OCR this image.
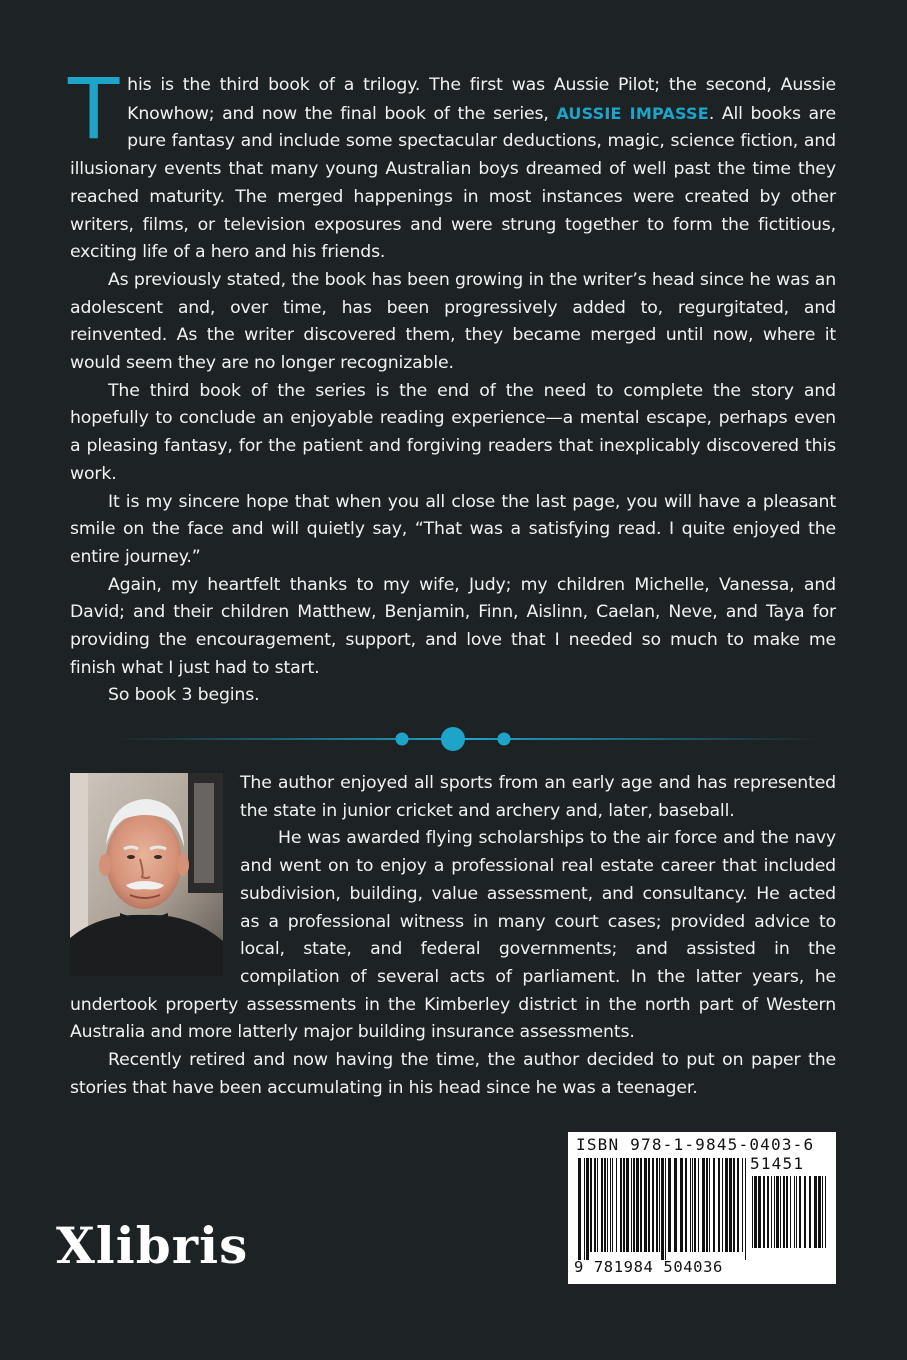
This is the third book of a trilogy. The first was Aussie Pilot; the second, Aussie Knowhow; and now the final book of the series, AUSSIE IMPASSE. All books are pure fantasy and include some spectacular deductions, magic, science fiction, and illusionary events that many young Australian boys dreamed of well past the time they reached maturity. The merged happenings in most instances were created by other writers, films, or television exposures and were strung together to form the fictitious, exciting life of a hero and his friends.

As previously stated, the book has been growing in the writer’s head since he was an adolescent and, over time, has been progressively added to, regurgitated, and reinvented. As the writer discovered them, they became merged until now, where it would seem they are no longer recognizable.

The third book of the series is the end of the need to complete the story and hopefully to conclude an enjoyable reading experience—a mental escape, perhaps even a pleasing fantasy, for the patient and forgiving readers that inexplicably discovered this work.

It is my sincere hope that when you all close the last page, you will have a pleasant smile on the face and will quietly say, “That was a satisfying read. I quite enjoyed the entire journey.”

Again, my heartfelt thanks to my wife, Judy; my children Michelle, Vanessa, and David; and their children Matthew, Benjamin, Finn, Aislinn, Caelan, Neve, and Taya for providing the encouragement, support, and love that I needed so much to make me finish what I just had to start.

So book 3 begins.

The author enjoyed all sports from an early age and has represented the state in junior cricket and archery and, later, baseball.

He was awarded flying scholarships to the air force and the navy and went on to enjoy a professional real estate career that included subdivision, building, value assessment, and consultancy. He acted as a professional witness in many court cases; provided advice to local, state, and federal governments; and assisted in the compilation of several acts of parliament. In the latter years, he undertook property assessments in the Kimberley district in the north part of Western Australia and more latterly major building insurance assessments.

Recently retired and now having the time, the author decided to put on paper the stories that have been accumulating in his head since he was a teenager.

ISBN 978-1-9845-0403-6
51451
9 781984 504036
Xlibris
